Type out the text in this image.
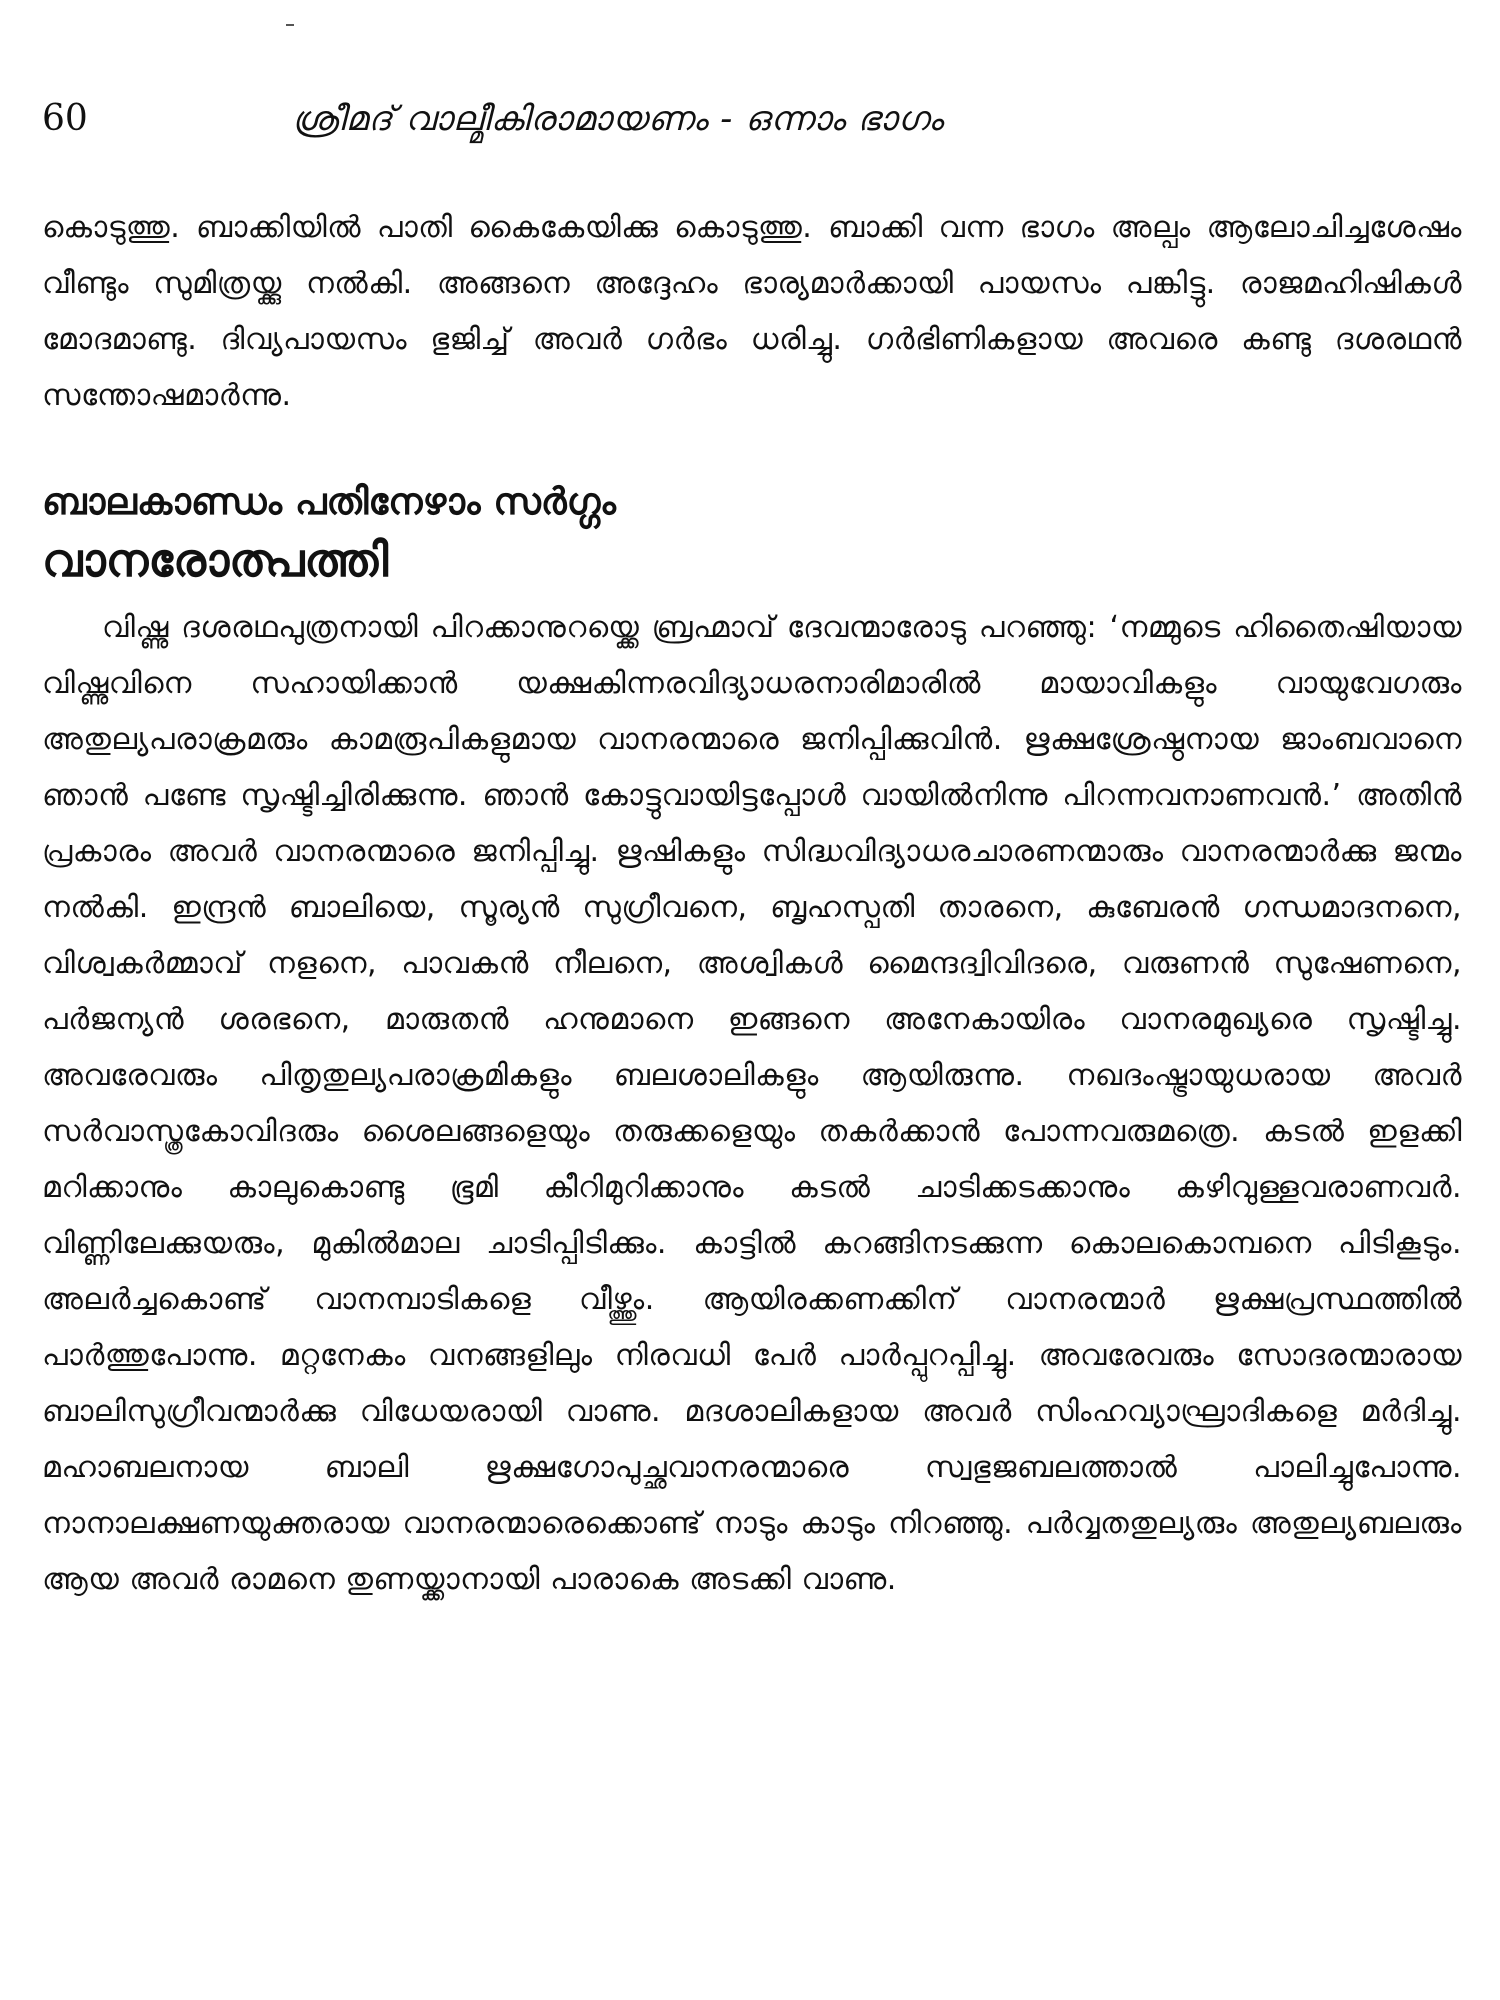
60	ശ്രീമദ് വാല്മീകിരാമായണം - ഒന്നാം ഭാഗം

കൊടുത്തു. ബാക്കിയിൽ പാതി കൈകേയിക്കു കൊടുത്തു. ബാക്കി വന്ന ഭാഗം അല്പം ആലോചിച്ചശേഷം വീണ്ടും സുമിത്രയ്ക്കു നൽകി. അങ്ങനെ അദ്ദേഹം ഭാര്യമാർക്കായി പായസം പങ്കിട്ടു. രാജമഹിഷികൾ മോദമാണ്ടു. ദിവ്യപായസം ഭുജിച്ച് അവർ ഗർഭം ധരിച്ചു. ഗർഭിണികളായ അവരെ കണ്ടു ദശരഥൻ സന്തോഷമാർന്നു.

ബാലകാണ്ഡം പതിനേഴാം സർഗ്ഗം
വാനരോത്പത്തി

വിഷ്ണു ദശരഥപുത്രനായി പിറക്കാനുറയ്ക്കെ ബ്രഹ്മാവ് ദേവന്മാരോടു പറഞ്ഞു: ‘നമ്മുടെ ഹിതൈഷിയായ വിഷ്ണുവിനെ സഹായിക്കാൻ യക്ഷകിന്നരവിദ്യാധരനാരിമാരിൽ മായാവികളും വായുവേഗരും അതുല്യപരാക്രമരും കാമരൂപികളുമായ വാനരന്മാരെ ജനിപ്പിക്കുവിൻ. ഋക്ഷശ്രേഷ്ഠനായ ജാംബവാനെ ഞാൻ പണ്ടേ സൃഷ്ടിച്ചിരിക്കുന്നു. ഞാൻ കോട്ടുവായിട്ടപ്പോൾ വായിൽനിന്നു പിറന്നവനാണവൻ.’ അതിൻ പ്രകാരം അവർ വാനരന്മാരെ ജനിപ്പിച്ചു. ഋഷികളും സിദ്ധവിദ്യാധരചാരണന്മാരും വാനരന്മാർക്കു ജന്മം നൽകി. ഇന്ദ്രൻ ബാലിയെ, സൂര്യൻ സുഗ്രീവനെ, ബൃഹസ്പതി താരനെ, കുബേരൻ ഗന്ധമാദനനെ, വിശ്വകർമ്മാവ് നളനെ, പാവകൻ നീലനെ, അശ്വികൾ മൈന്ദദ്വിവിദരെ, വരുണൻ സുഷേണനെ, പർജന്യൻ ശരഭനെ, മാരുതൻ ഹനുമാനെ ഇങ്ങനെ അനേകായിരം വാനരമുഖ്യരെ സൃഷ്ടിച്ചു. അവരേവരും പിതൃതുല്യപരാക്രമികളും ബലശാലികളും ആയിരുന്നു. നഖദംഷ്ട്രായുധരായ അവർ സർവാസ്ത്രകോവിദരും ശൈലങ്ങളെയും തരുക്കളെയും തകർക്കാൻ പോന്നവരുമത്രെ. കടൽ ഇളക്കി മറിക്കാനും കാലുകൊണ്ടു ഭൂമി കീറിമുറിക്കാനും കടൽ ചാടിക്കടക്കാനും കഴിവുള്ളവരാണവർ. വിണ്ണിലേക്കുയരും, മുകിൽമാല ചാടിപ്പിടിക്കും. കാട്ടിൽ കറങ്ങിനടക്കുന്ന കൊലകൊമ്പനെ പിടികൂടും. അലർച്ചകൊണ്ട് വാനമ്പാടികളെ വീഴ്ത്തും. ആയിരക്കണക്കിന് വാനരന്മാർ ഋക്ഷപ്രസ്ഥത്തിൽ പാർത്തുപോന്നു. മറ്റനേകം വനങ്ങളിലും നിരവധി പേർ പാർപ്പുറപ്പിച്ചു. അവരേവരും സോദരന്മാരായ ബാലിസുഗ്രീവന്മാർക്കു വിധേയരായി വാണു. മദശാലികളായ അവർ സിംഹവ്യാഘ്രാദികളെ മർദിച്ചു. മഹാബലനായ ബാലി ഋക്ഷഗോപുച്ഛവാനരന്മാരെ സ്വഭുജബലത്താൽ പാലിച്ചുപോന്നു. നാനാലക്ഷണയുക്തരായ വാനരന്മാരെക്കൊണ്ട് നാടും കാടും നിറഞ്ഞു. പർവ്വതതുല്യരും അതുല്യബലരും ആയ അവർ രാമനെ തുണയ്ക്കാനായി പാരാകെ അടക്കി വാണു.
